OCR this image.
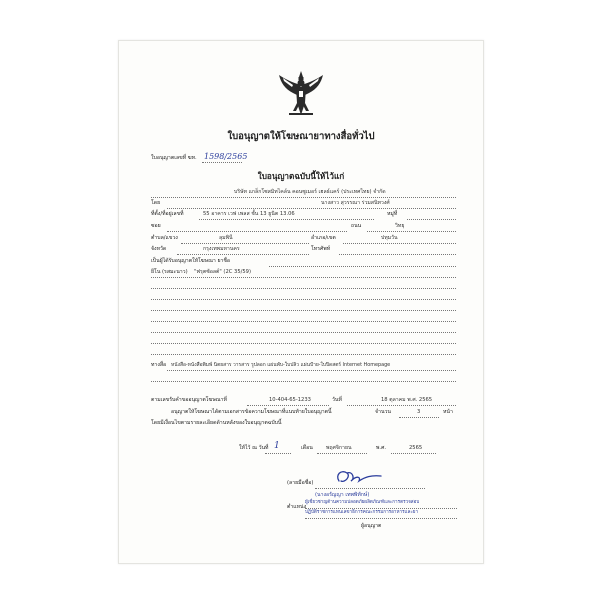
ใบอนุญาตให้โฆษณายาทางสื่อทั่วไป
ใบอนุญาตเลขที่ ฆท. 1598/2565
ใบอนุญาตฉบับนี้ให้ไว้แก่
บริษัท แกล็กโซสมิทไคล์น คอนซูเมอร์ เฮลธ์แคร์ (ประเทศไทย) จำกัด
โดย	นางสาว สุวรรณา ร่วมสนิทวงศ์
ที่ตั้ง/ที่อยู่เลขที่	55 อาคาร เวฟ เพลส ชั้น 13 ยูนิต 13.06	หมู่ที่
ซอย	ถนน	วิทยุ
ตำบล/แขวง	ลุมพินี	อำเภอ/เขต	ปทุมวัน
จังหวัด	กรุงเทพมหานคร	โทรศัพท์
เป็นผู้ได้รับอนุญาตให้โฆษณา ยาชื่อ
ยีโน (รสมะนาว) "ฟรุตซ้อลต์" (2C 35/59)
ทางสื่อ หนังสือ-หนังสือพิมพ์ นิตยสาร วารสาร รูปลอก แผ่นพับ-ใบปลิว แผ่นป้าย-ใบปิดสตร์ Internet Homepage
ตามเลขรับคำขออนุญาตโฆษณาที่	10-404-65-1233	วันที่	18 ตุลาคม พ.ศ. 2565
อนุญาตให้โฆษณาได้ตามเอกสารข้อความโฆษณาที่แนบท้ายใบอนุญาตนี้	จำนวน	3	หน้า
โดยมีเงื่อนไขตามรายละเอียดด้านหลังของใบอนุญาตฉบับนี้
ให้ไว้ ณ วันที่ 1	เดือน	พฤศจิกายน	พ.ศ.	2565
(ลายมือชื่อ)
(นางอรัญญา เทพพิทักษ์)
ตำแหน่ง
ผู้เชี่ยวชาญด้านความปลอดภัยผลิตภัณฑ์และการตรวจสอบ
ปฏิบัติราชการแทนเลขาธิการคณะกรรมการอาหารและยา
ผู้อนุญาต
